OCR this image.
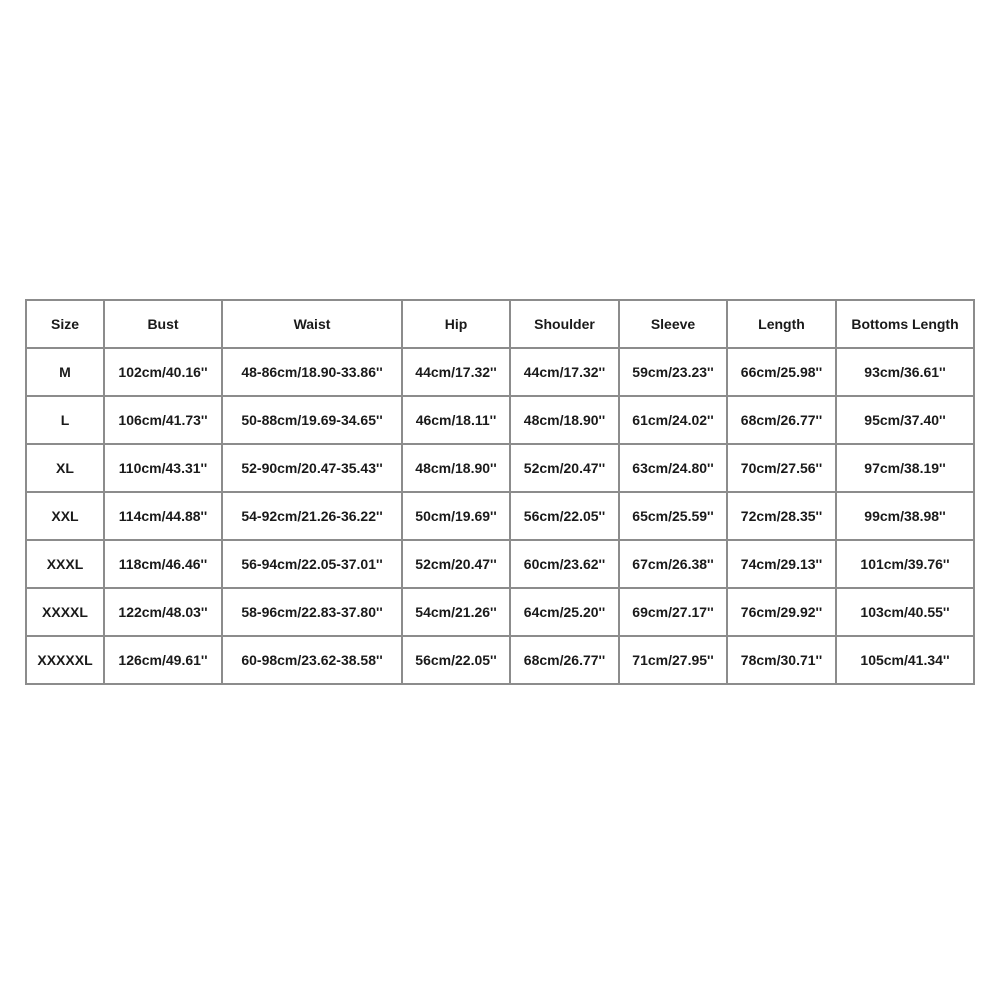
Size	Bust	Waist	Hip	Shoulder	Sleeve	Length	Bottoms Length
M	102cm/40.16''	48-86cm/18.90-33.86''	44cm/17.32''	44cm/17.32''	59cm/23.23''	66cm/25.98''	93cm/36.61''
L	106cm/41.73''	50-88cm/19.69-34.65''	46cm/18.11''	48cm/18.90''	61cm/24.02''	68cm/26.77''	95cm/37.40''
XL	110cm/43.31''	52-90cm/20.47-35.43''	48cm/18.90''	52cm/20.47''	63cm/24.80''	70cm/27.56''	97cm/38.19''
XXL	114cm/44.88''	54-92cm/21.26-36.22''	50cm/19.69''	56cm/22.05''	65cm/25.59''	72cm/28.35''	99cm/38.98''
XXXL	118cm/46.46''	56-94cm/22.05-37.01''	52cm/20.47''	60cm/23.62''	67cm/26.38''	74cm/29.13''	101cm/39.76''
XXXXL	122cm/48.03''	58-96cm/22.83-37.80''	54cm/21.26''	64cm/25.20''	69cm/27.17''	76cm/29.92''	103cm/40.55''
XXXXXL	126cm/49.61''	60-98cm/23.62-38.58''	56cm/22.05''	68cm/26.77''	71cm/27.95''	78cm/30.71''	105cm/41.34''
